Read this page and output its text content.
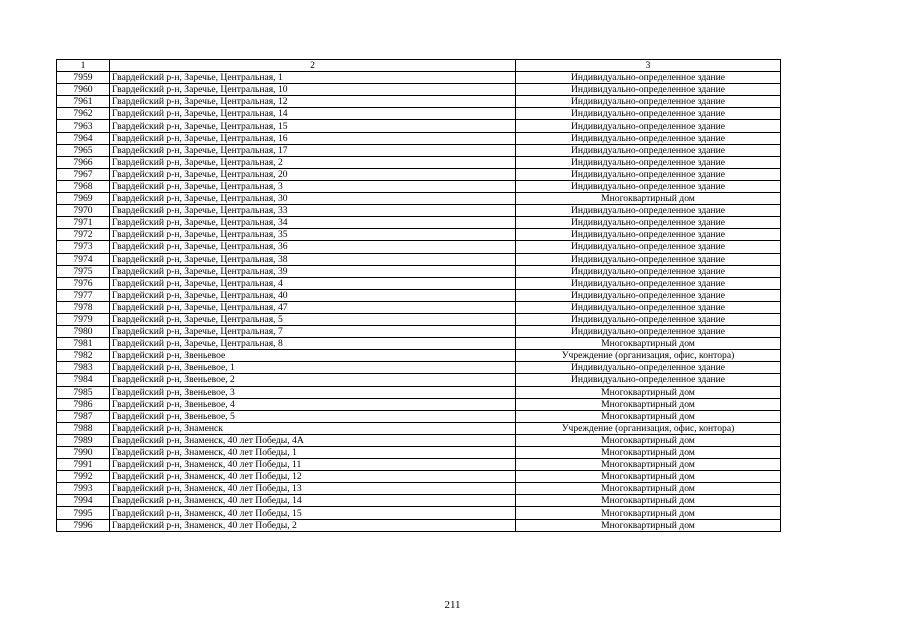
1	2	3
7959	Гвардейский р-н, Заречье, Центральная, 1	Индивидуально-определенное здание
7960	Гвардейский р-н, Заречье, Центральная, 10	Индивидуально-определенное здание
7961	Гвардейский р-н, Заречье, Центральная, 12	Индивидуально-определенное здание
7962	Гвардейский р-н, Заречье, Центральная, 14	Индивидуально-определенное здание
7963	Гвардейский р-н, Заречье, Центральная, 15	Индивидуально-определенное здание
7964	Гвардейский р-н, Заречье, Центральная, 16	Индивидуально-определенное здание
7965	Гвардейский р-н, Заречье, Центральная, 17	Индивидуально-определенное здание
7966	Гвардейский р-н, Заречье, Центральная, 2	Индивидуально-определенное здание
7967	Гвардейский р-н, Заречье, Центральная, 20	Индивидуально-определенное здание
7968	Гвардейский р-н, Заречье, Центральная, 3	Индивидуально-определенное здание
7969	Гвардейский р-н, Заречье, Центральная, 30	Многоквартирный дом
7970	Гвардейский р-н, Заречье, Центральная, 33	Индивидуально-определенное здание
7971	Гвардейский р-н, Заречье, Центральная, 34	Индивидуально-определенное здание
7972	Гвардейский р-н, Заречье, Центральная, 35	Индивидуально-определенное здание
7973	Гвардейский р-н, Заречье, Центральная, 36	Индивидуально-определенное здание
7974	Гвардейский р-н, Заречье, Центральная, 38	Индивидуально-определенное здание
7975	Гвардейский р-н, Заречье, Центральная, 39	Индивидуально-определенное здание
7976	Гвардейский р-н, Заречье, Центральная, 4	Индивидуально-определенное здание
7977	Гвардейский р-н, Заречье, Центральная, 40	Индивидуально-определенное здание
7978	Гвардейский р-н, Заречье, Центральная, 47	Индивидуально-определенное здание
7979	Гвардейский р-н, Заречье, Центральная, 5	Индивидуально-определенное здание
7980	Гвардейский р-н, Заречье, Центральная, 7	Индивидуально-определенное здание
7981	Гвардейский р-н, Заречье, Центральная, 8	Многоквартирный дом
7982	Гвардейский р-н, Звеньевое	Учреждение (организация, офис, контора)
7983	Гвардейский р-н, Звеньевое, 1	Индивидуально-определенное здание
7984	Гвардейский р-н, Звеньевое, 2	Индивидуально-определенное здание
7985	Гвардейский р-н, Звеньевое, 3	Многоквартирный дом
7986	Гвардейский р-н, Звеньевое, 4	Многоквартирный дом
7987	Гвардейский р-н, Звеньевое, 5	Многоквартирный дом
7988	Гвардейский р-н, Знаменск	Учреждение (организация, офис, контора)
7989	Гвардейский р-н, Знаменск, 40 лет Победы, 4А	Многоквартирный дом
7990	Гвардейский р-н, Знаменск, 40 лет Победы, 1	Многоквартирный дом
7991	Гвардейский р-н, Знаменск, 40 лет Победы, 11	Многоквартирный дом
7992	Гвардейский р-н, Знаменск, 40 лет Победы, 12	Многоквартирный дом
7993	Гвардейский р-н, Знаменск, 40 лет Победы, 13	Многоквартирный дом
7994	Гвардейский р-н, Знаменск, 40 лет Победы, 14	Многоквартирный дом
7995	Гвардейский р-н, Знаменск, 40 лет Победы, 15	Многоквартирный дом
7996	Гвардейский р-н, Знаменск, 40 лет Победы, 2	Многоквартирный дом
211
